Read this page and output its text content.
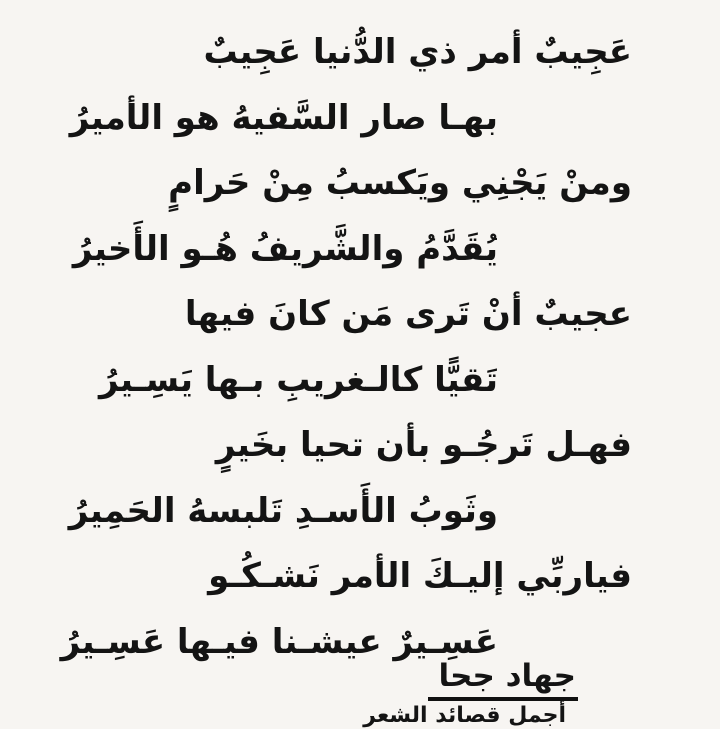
عَجِيبٌ أمر ذي الدُّنيا عَجِيبٌ
بهـا صار السَّفيهُ هو الأميرُ
ومنْ يَجْنِي ويَكسبُ مِنْ حَرامٍ
يُقَدَّمُ والشَّريفُ هُـو الأَخيرُ
عجيبٌ أنْ تَرى مَن كانَ فيها
تَقيًّا كالـغريبِ بـها يَسِـيرُ
فهـل تَرجُـو بأن تحيا بخَيرٍ
وثَوبُ الأَسـدِ تَلبسهُ الحَمِيرُ
فياربِّي إليـكَ الأمر نَشـكُـو
عَسِـيرٌ عيشـنا فيـها عَسِـيرُ
جهاد جحا
أجمل قصائد الشعر
